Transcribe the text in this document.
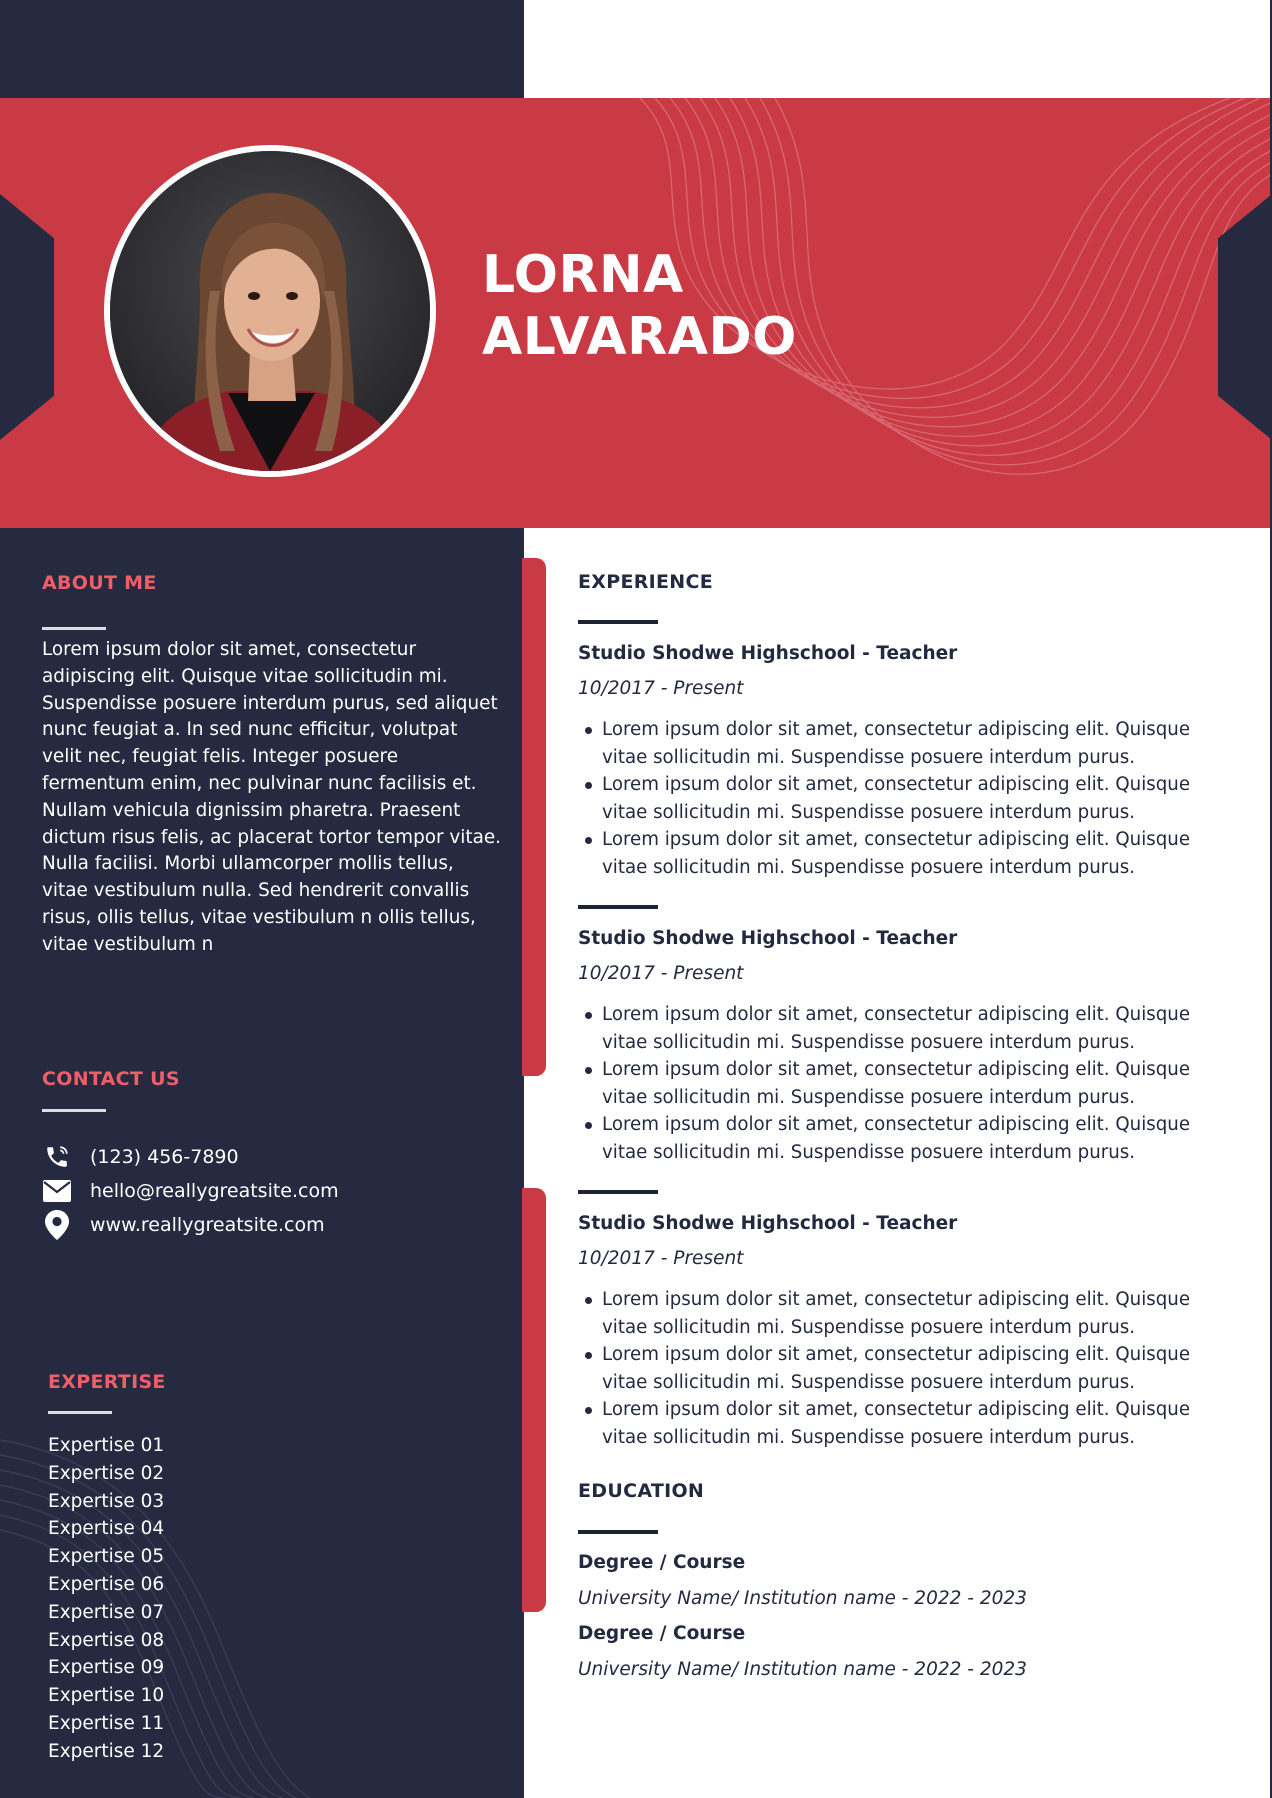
LORNA
ALVARADO
ABOUT ME

Lorem ipsum dolor sit amet, consectetur adipiscing elit. Quisque vitae sollicitudin mi. Suspendisse posuere interdum purus, sed aliquet nunc feugiat a. In sed nunc efficitur, volutpat velit nec, feugiat felis. Integer posuere fermentum enim, nec pulvinar nunc facilisis et. Nullam vehicula dignissim pharetra. Praesent dictum risus felis, ac placerat tortor tempor vitae. Nulla facilisi. Morbi ullamcorper mollis tellus, vitae vestibulum nulla. Sed hendrerit convallis risus, ollis tellus, vitae vestibulum n ollis tellus, vitae vestibulum n

CONTACT US
(123) 456-7890
hello@reallygreatsite.com
www.reallygreatsite.com
EXPERTISE
Expertise 01
Expertise 02
Expertise 03
Expertise 04
Expertise 05
Expertise 06
Expertise 07
Expertise 08
Expertise 09
Expertise 10
Expertise 11
Expertise 12
EXPERIENCE
Studio Shodwe Highschool - Teacher

10/2017 - Present

Lorem ipsum dolor sit amet, consectetur adipiscing elit. Quisque vitae sollicitudin mi. Suspendisse posuere interdum purus.
Lorem ipsum dolor sit amet, consectetur adipiscing elit. Quisque vitae sollicitudin mi. Suspendisse posuere interdum purus.
Lorem ipsum dolor sit amet, consectetur adipiscing elit. Quisque vitae sollicitudin mi. Suspendisse posuere interdum purus.
Studio Shodwe Highschool - Teacher

10/2017 - Present

Lorem ipsum dolor sit amet, consectetur adipiscing elit. Quisque vitae sollicitudin mi. Suspendisse posuere interdum purus.
Lorem ipsum dolor sit amet, consectetur adipiscing elit. Quisque vitae sollicitudin mi. Suspendisse posuere interdum purus.
Lorem ipsum dolor sit amet, consectetur adipiscing elit. Quisque vitae sollicitudin mi. Suspendisse posuere interdum purus.
Studio Shodwe Highschool - Teacher

10/2017 - Present

Lorem ipsum dolor sit amet, consectetur adipiscing elit. Quisque vitae sollicitudin mi. Suspendisse posuere interdum purus.
Lorem ipsum dolor sit amet, consectetur adipiscing elit. Quisque vitae sollicitudin mi. Suspendisse posuere interdum purus.
Lorem ipsum dolor sit amet, consectetur adipiscing elit. Quisque vitae sollicitudin mi. Suspendisse posuere interdum purus.
EDUCATION
Degree / Course

University Name/ Institution name - 2022 - 2023

Degree / Course

University Name/ Institution name - 2022 - 2023
